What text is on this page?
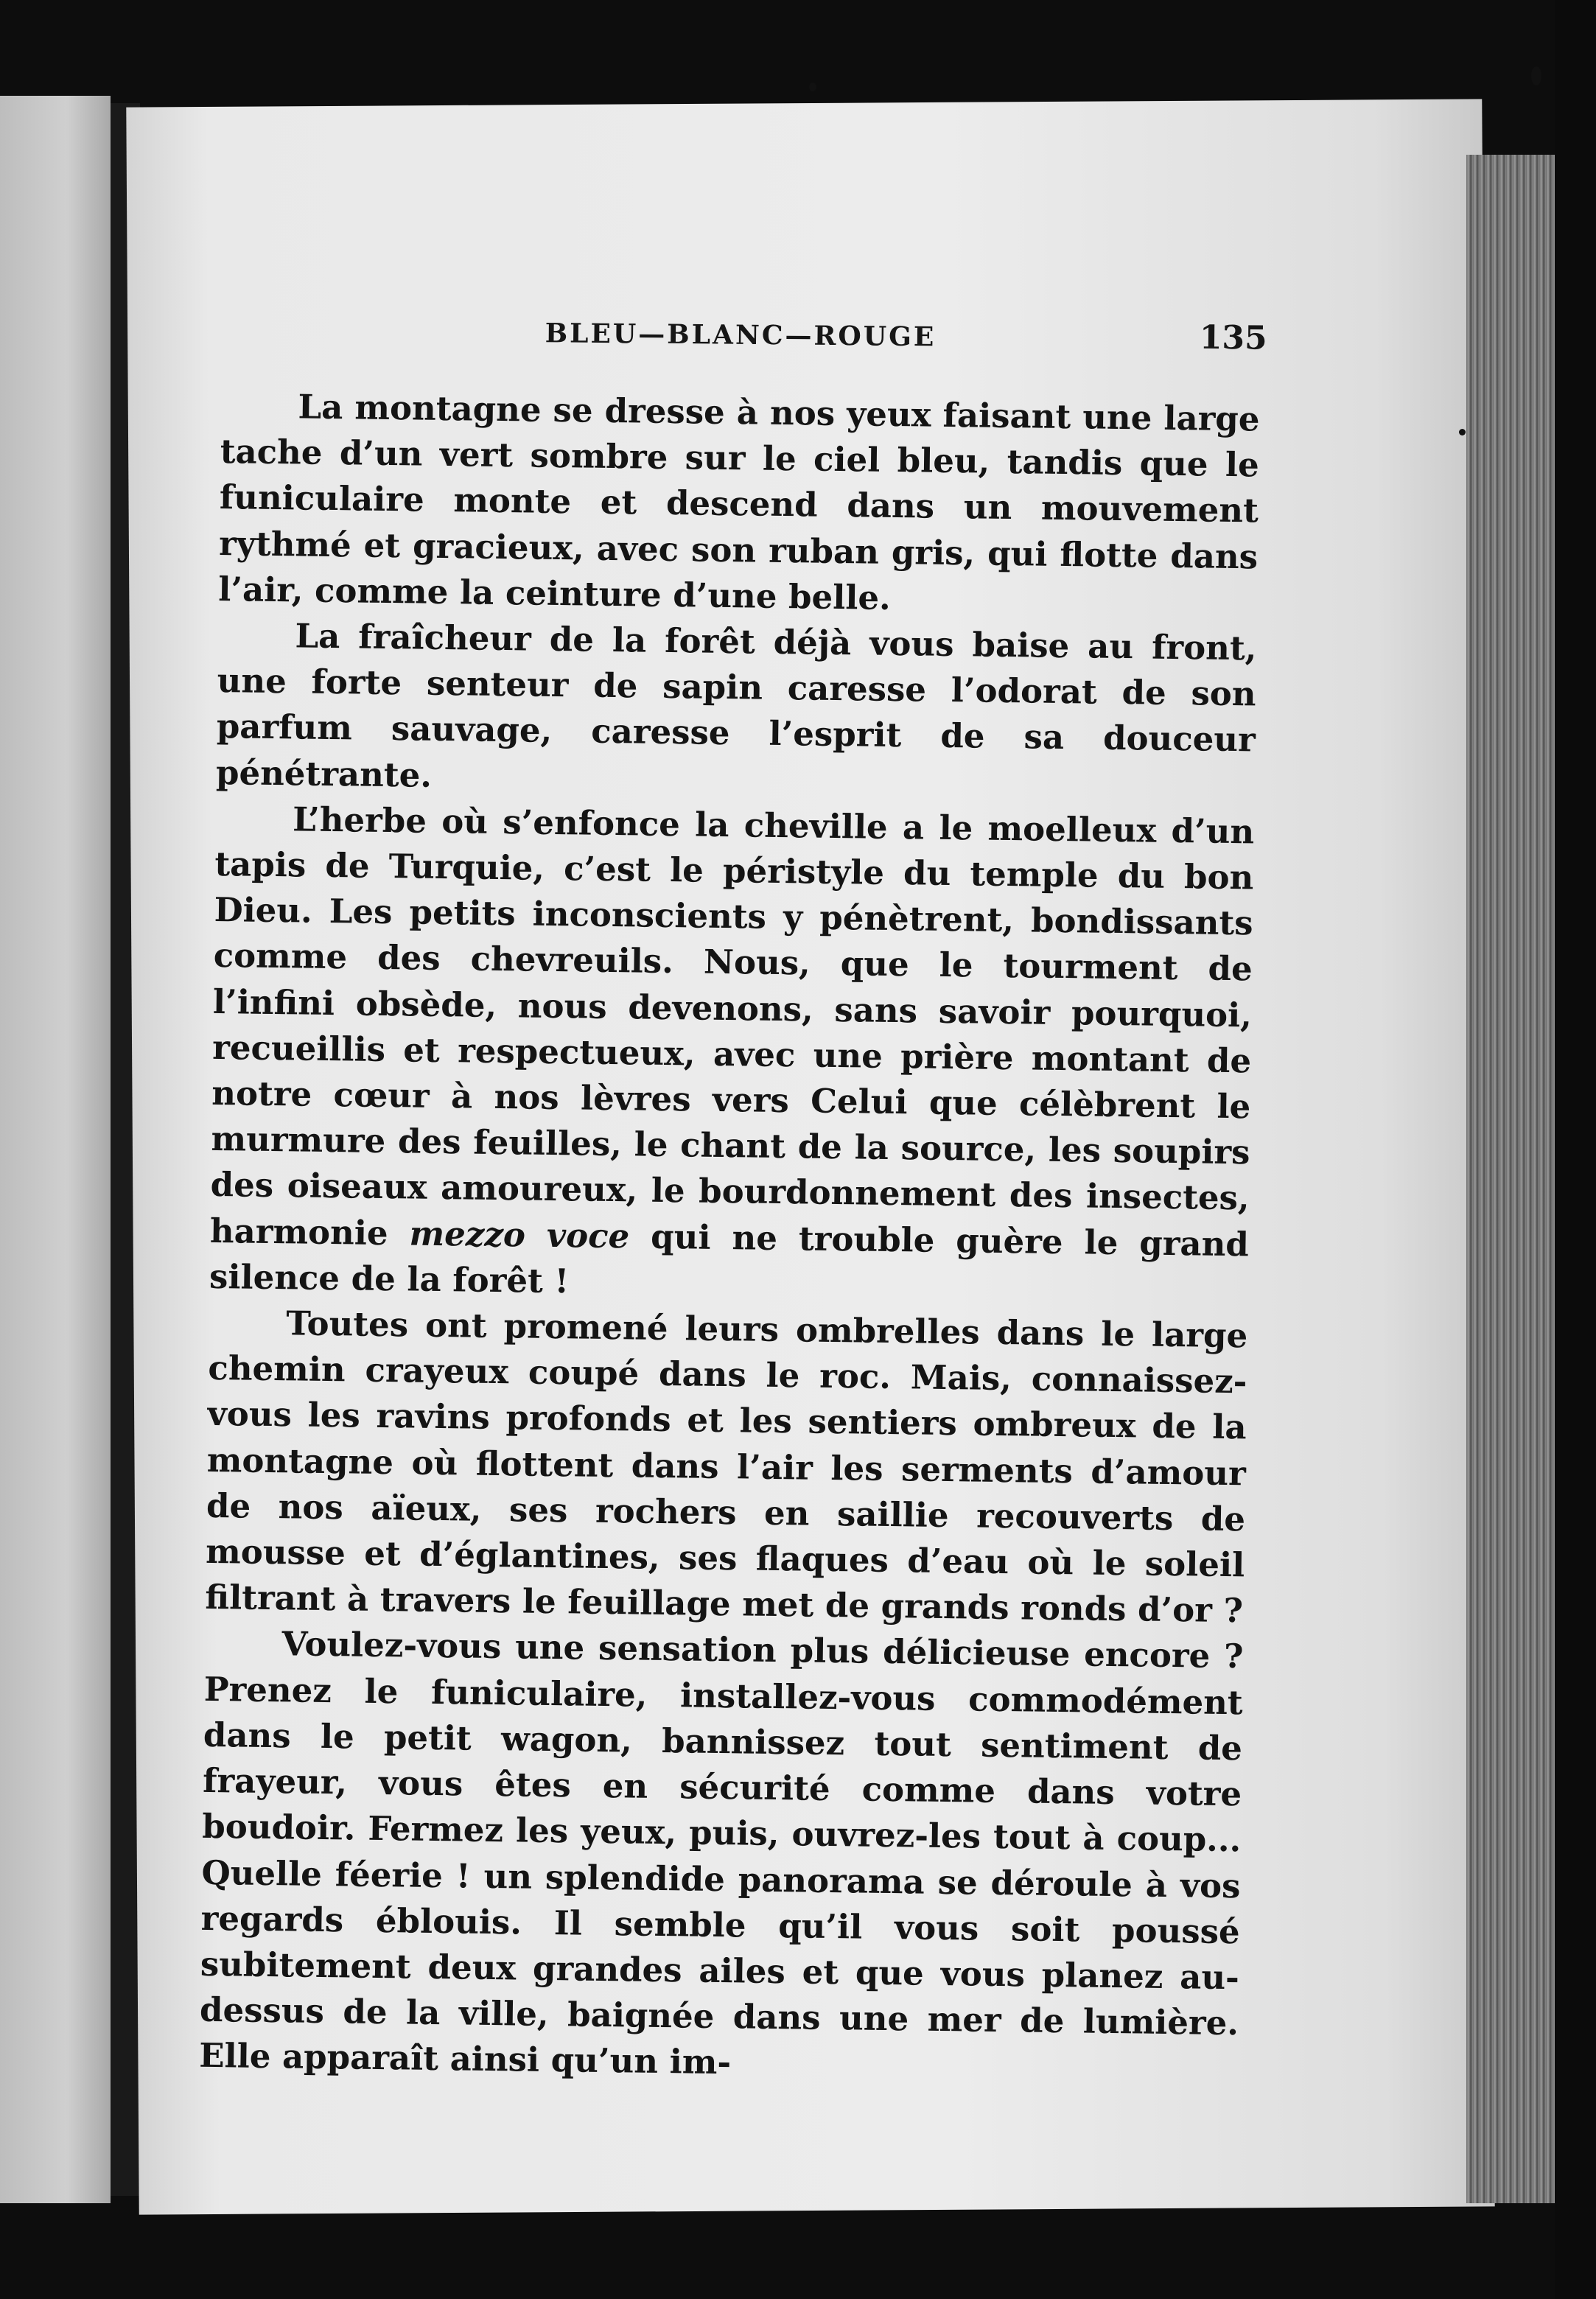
BLEU—BLANC—ROUGE	135

La montagne se dresse à nos yeux faisant une large tache d’un vert sombre sur le ciel bleu, tandis que le funiculaire monte et descend dans un mouvement rythmé et gracieux, avec son ruban gris, qui flotte dans l’air, comme la ceinture d’une belle.

La fraîcheur de la forêt déjà vous baise au front, une forte senteur de sapin caresse l’odorat de son parfum sauvage, caresse l’esprit de sa douceur pénétrante.

L’herbe où s’enfonce la cheville a le moelleux d’un tapis de Turquie, c’est le péristyle du temple du bon Dieu. Les petits inconscients y pénètrent, bondissants comme des chevreuils. Nous, que le tourment de l’infini obsède, nous devenons, sans savoir pourquoi, recueillis et respectueux, avec une prière montant de notre cœur à nos lèvres vers Celui que célèbrent le murmure des feuilles, le chant de la source, les soupirs des oiseaux amoureux, le bourdonnement des insectes, harmonie mezzo voce qui ne trouble guère le grand silence de la forêt !

Toutes ont promené leurs ombrelles dans le large chemin crayeux coupé dans le roc. Mais, connaissez-vous les ravins profonds et les sentiers ombreux de la montagne où flottent dans l’air les serments d’amour de nos aïeux, ses rochers en saillie recouverts de mousse et d’églantines, ses flaques d’eau où le soleil filtrant à travers le feuillage met de grands ronds d’or ?

Voulez-vous une sensation plus délicieuse encore ? Prenez le funiculaire, installez-vous commodément dans le petit wagon, bannissez tout sentiment de frayeur, vous êtes en sécurité comme dans votre boudoir. Fermez les yeux, puis, ouvrez-les tout à coup... Quelle féerie ! un splendide panorama se déroule à vos regards éblouis. Il semble qu’il vous soit poussé subitement deux grandes ailes et que vous planez au-dessus de la ville, baignée dans une mer de lumière. Elle apparaît ainsi qu’un im-
